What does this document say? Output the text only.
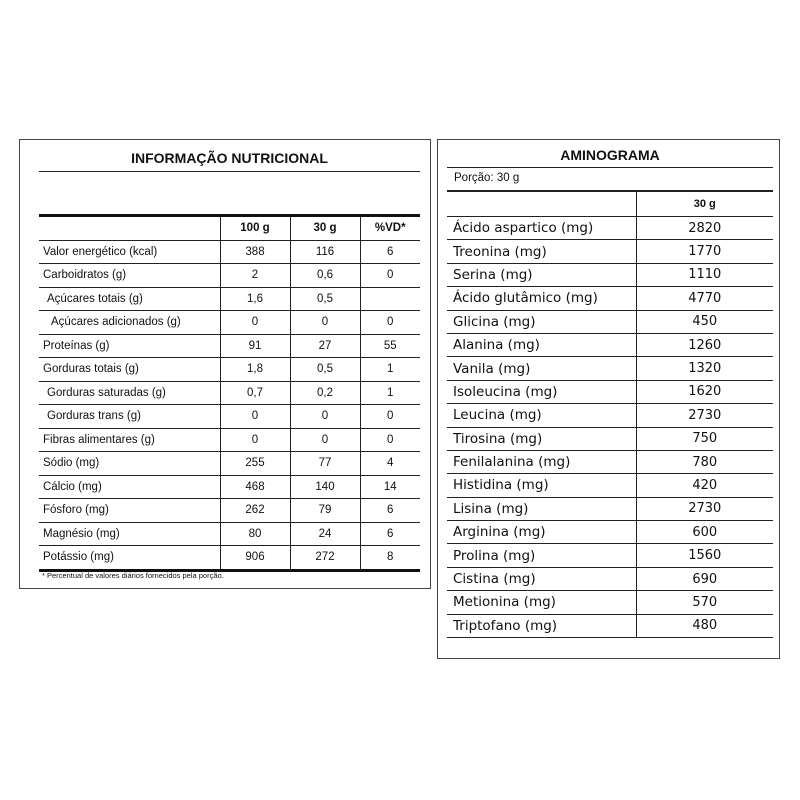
INFORMAÇÃO NUTRICIONAL
	100 g	30 g	%VD*
Valor energético (kcal)	388	116	6
Carboidratos (g)	2	0,6	0
Açúcares totais (g)	1,6	0,5	
Açúcares adicionados (g)	0	0	0
Proteínas (g)	91	27	55
Gorduras totais (g)	1,8	0,5	1
Gorduras saturadas (g)	0,7	0,2	1
Gorduras trans (g)	0	0	0
Fibras alimentares (g)	0	0	0
Sódio (mg)	255	77	4
Cálcio (mg)	468	140	14
Fósforo (mg)	262	79	6
Magnésio (mg)	80	24	6
Potássio (mg)	906	272	8
* Percentual de valores diários fornecidos pela porção.
AMINOGRAMA
Porção: 30 g
	30 g
Ácido aspartico (mg)	2820
Treonina (mg)	1770
Serina (mg)	1110
Ácido glutâmico (mg)	4770
Glicina (mg)	450
Alanina (mg)	1260
Vanila (mg)	1320
Isoleucina (mg)	1620
Leucina (mg)	2730
Tirosina (mg)	750
Fenilalanina (mg)	780
Histidina (mg)	420
Lisina (mg)	2730
Arginina (mg)	600
Prolina (mg)	1560
Cistina (mg)	690
Metionina (mg)	570
Triptofano (mg)	480
